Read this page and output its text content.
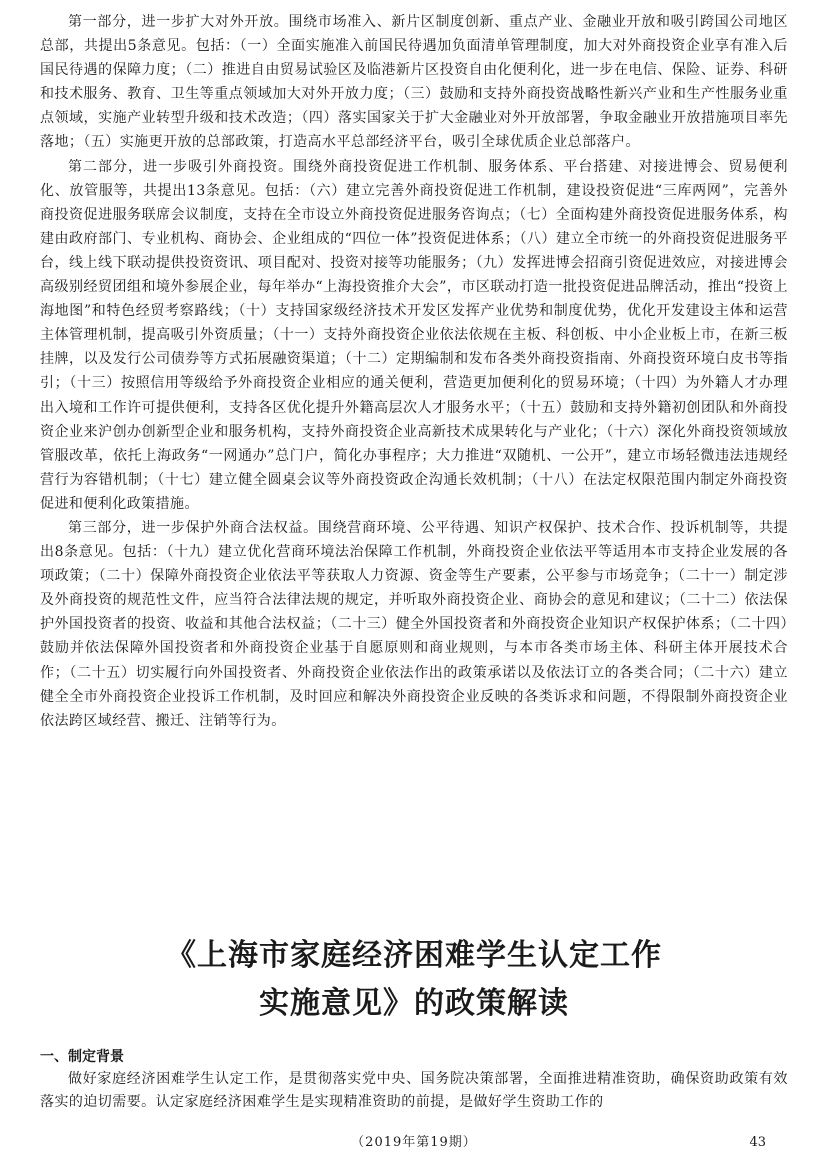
第一部分，进一步扩大对外开放。围绕市场准入、新片区制度创新、重点产业、金融业开放和吸引跨国公司地区总部，共提出5条意见。包括：（一）全面实施准入前国民待遇加负面清单管理制度，加大对外商投资企业享有准入后国民待遇的保障力度；（二）推进自由贸易试验区及临港新片区投资自由化便利化，进一步在电信、保险、证券、科研和技术服务、教育、卫生等重点领域加大对外开放力度；（三）鼓励和支持外商投资战略性新兴产业和生产性服务业重点领域，实施产业转型升级和技术改造；（四）落实国家关于扩大金融业对外开放部署，争取金融业开放措施项目率先落地；（五）实施更开放的总部政策，打造高水平总部经济平台，吸引全球优质企业总部落户。

第二部分，进一步吸引外商投资。围绕外商投资促进工作机制、服务体系、平台搭建、对接进博会、贸易便利化、放管服等，共提出13条意见。包括：（六）建立完善外商投资促进工作机制，建设投资促进“三库两网”，完善外商投资促进服务联席会议制度，支持在全市设立外商投资促进服务咨询点；（七）全面构建外商投资促进服务体系，构建由政府部门、专业机构、商协会、企业组成的“四位一体”投资促进体系；（八）建立全市统一的外商投资促进服务平台，线上线下联动提供投资资讯、项目配对、投资对接等功能服务；（九）发挥进博会招商引资促进效应，对接进博会高级别经贸团组和境外参展企业，每年举办“上海投资推介大会”，市区联动打造一批投资促进品牌活动，推出“投资上海地图”和特色经贸考察路线；（十）支持国家级经济技术开发区发挥产业优势和制度优势，优化开发建设主体和运营主体管理机制，提高吸引外资质量；（十一）支持外商投资企业依法依规在主板、科创板、中小企业板上市，在新三板挂牌，以及发行公司债券等方式拓展融资渠道；（十二）定期编制和发布各类外商投资指南、外商投资环境白皮书等指引；（十三）按照信用等级给予外商投资企业相应的通关便利，营造更加便利化的贸易环境；（十四）为外籍人才办理出入境和工作许可提供便利，支持各区优化提升外籍高层次人才服务水平；（十五）鼓励和支持外籍初创团队和外商投资企业来沪创办创新型企业和服务机构，支持外商投资企业高新技术成果转化与产业化；（十六）深化外商投资领域放管服改革，依托上海政务“一网通办”总门户，简化办事程序；大力推进“双随机、一公开”，建立市场轻微违法违规经营行为容错机制；（十七）建立健全圆桌会议等外商投资政企沟通长效机制；（十八）在法定权限范围内制定外商投资促进和便利化政策措施。

第三部分，进一步保护外商合法权益。围绕营商环境、公平待遇、知识产权保护、技术合作、投诉机制等，共提出8条意见。包括：（十九）建立优化营商环境法治保障工作机制，外商投资企业依法平等适用本市支持企业发展的各项政策；（二十）保障外商投资企业依法平等获取人力资源、资金等生产要素，公平参与市场竞争；（二十一）制定涉及外商投资的规范性文件，应当符合法律法规的规定，并听取外商投资企业、商协会的意见和建议；（二十二）依法保护外国投资者的投资、收益和其他合法权益；（二十三）健全外国投资者和外商投资企业知识产权保护体系；（二十四）鼓励并依法保障外国投资者和外商投资企业基于自愿原则和商业规则，与本市各类市场主体、科研主体开展技术合作；（二十五）切实履行向外国投资者、外商投资企业依法作出的政策承诺以及依法订立的各类合同；（二十六）建立健全全市外商投资企业投诉工作机制，及时回应和解决外商投资企业反映的各类诉求和问题，不得限制外商投资企业依法跨区域经营、搬迁、注销等行为。

《上海市家庭经济困难学生认定工作
实施意见》的政策解读

一、制定背景

做好家庭经济困难学生认定工作，是贯彻落实党中央、国务院决策部署，全面推进精准资助，确保资助政策有效落实的迫切需要。认定家庭经济困难学生是实现精准资助的前提，是做好学生资助工作的

（2019年第19期）	43
